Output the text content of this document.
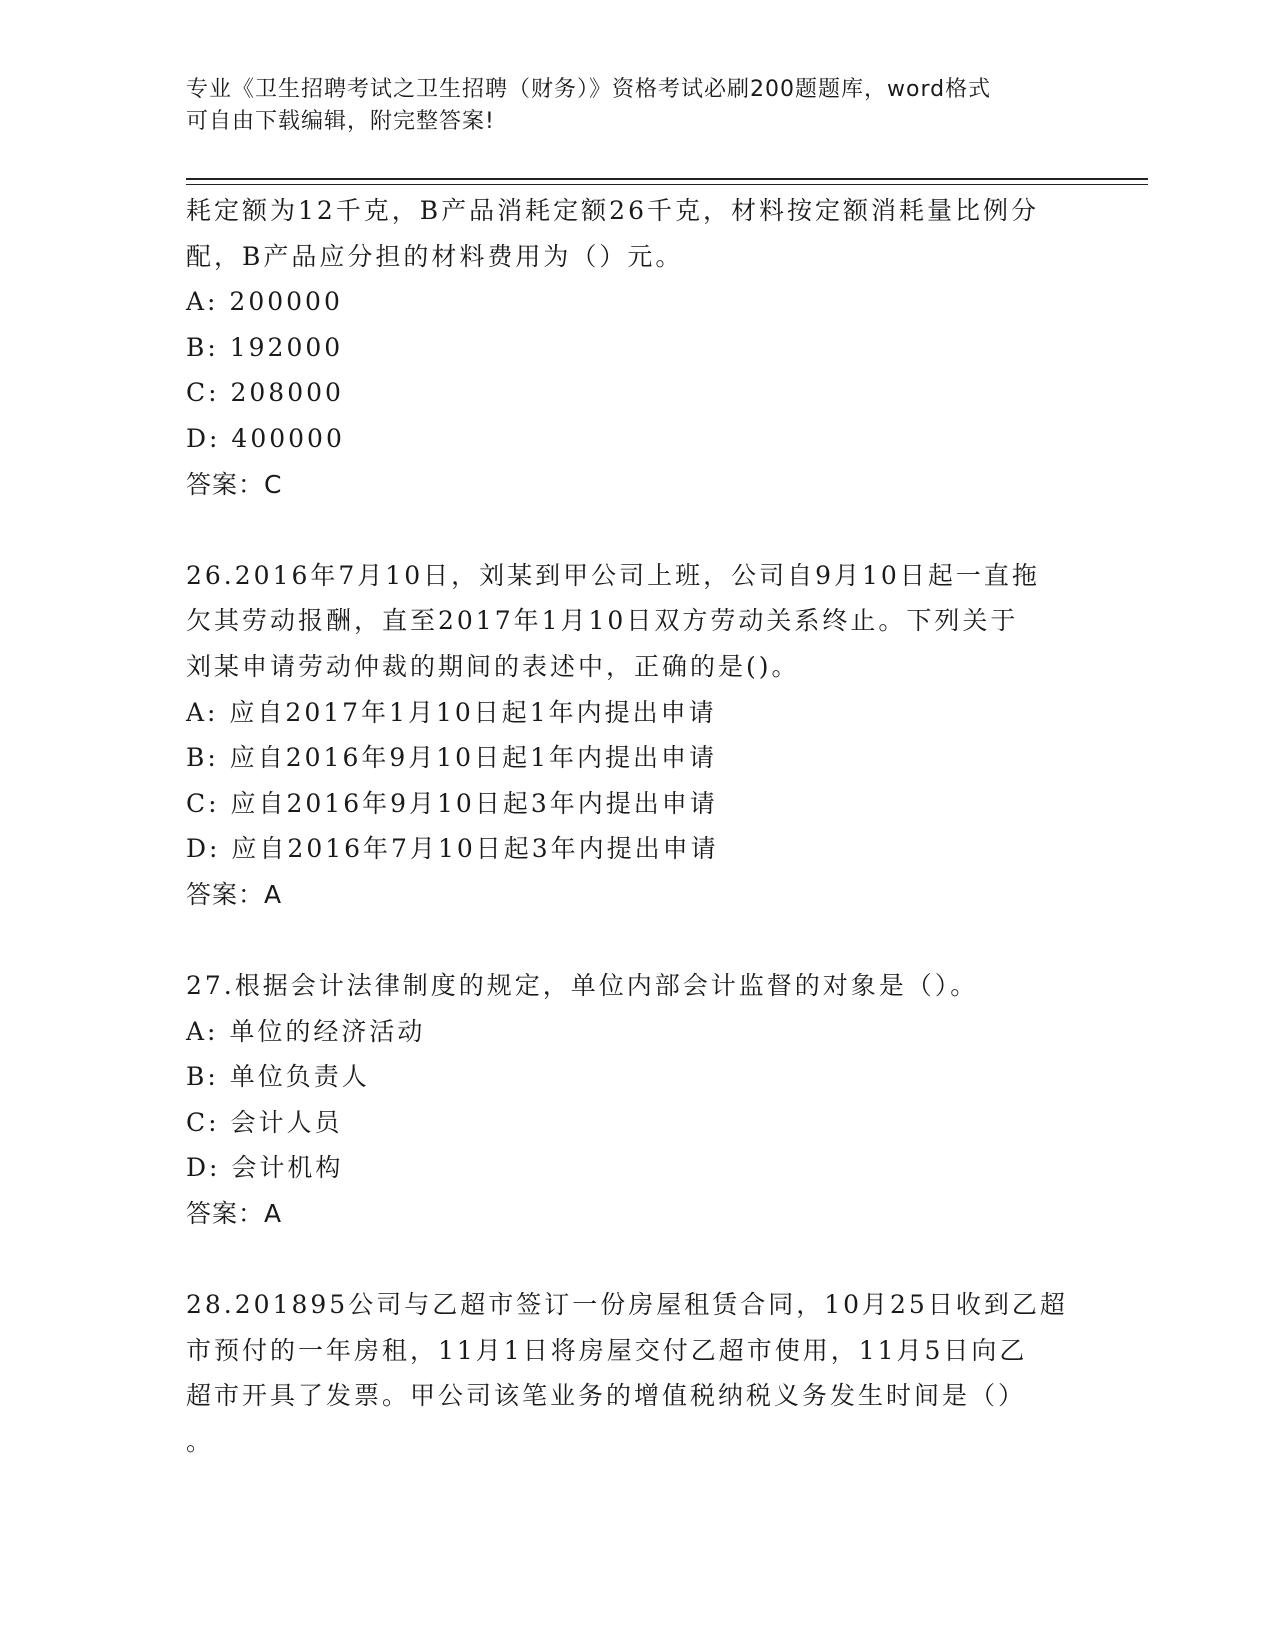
专业《卫生招聘考试之卫生招聘（财务）》资格考试必刷200题题库，word格式
可自由下载编辑，附完整答案!
耗定额为12千克，B产品消耗定额26千克，材料按定额消耗量比例分
配，B产品应分担的材料费用为（）元。
A: 200000
B: 192000
C: 208000
D: 400000
答案：C
26.2016年7月10日，刘某到甲公司上班，公司自9月10日起一直拖
欠其劳动报酬，直至2017年1月10日双方劳动关系终止。下列关于
刘某申请劳动仲裁的期间的表述中，正确的是()。
A: 应自2017年1月10日起1年内提出申请
B: 应自2016年9月10日起1年内提出申请
C: 应自2016年9月10日起3年内提出申请
D: 应自2016年7月10日起3年内提出申请
答案：A
27.根据会计法律制度的规定，单位内部会计监督的对象是（）。
A: 单位的经济活动
B: 单位负责人
C: 会计人员
D: 会计机构
答案：A
28.201895公司与乙超市签订一份房屋租赁合同，10月25日收到乙超
市预付的一年房租，11月1日将房屋交付乙超市使用，11月5日向乙
超市开具了发票。甲公司该笔业务的增值税纳税义务发生时间是（）
。
